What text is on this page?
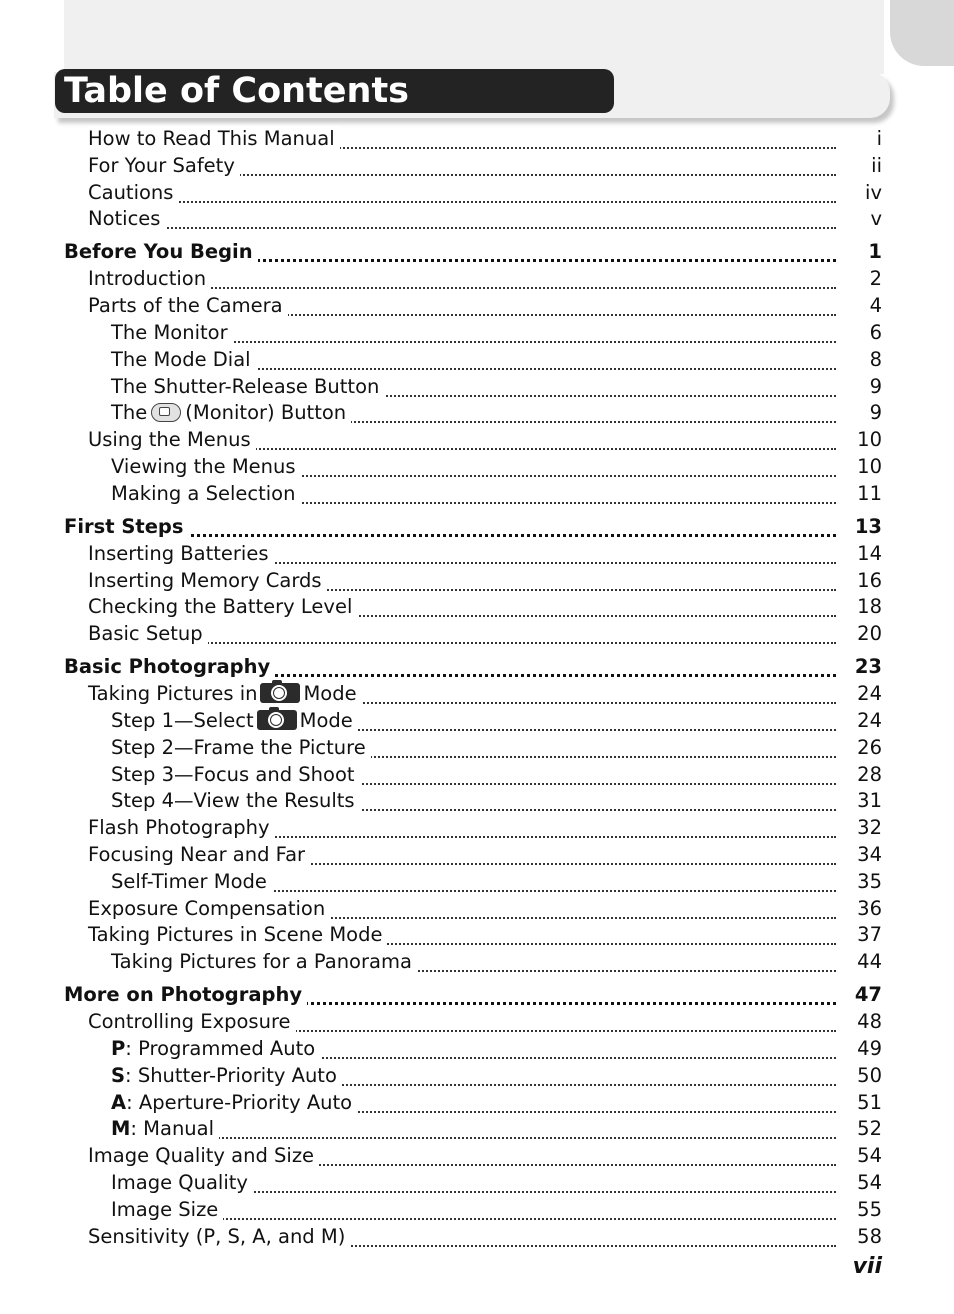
Table of Contents
How to Read This Manual	i
For Your Safety	ii
Cautions	iv
Notices	v
Before You Begin	1
Introduction	2
Parts of the Camera	4
The Monitor	6
The Mode Dial	8
The Shutter-Release Button	9
The (Monitor) Button	9
Using the Menus	10
Viewing the Menus	10
Making a Selection	11
First Steps	13
Inserting Batteries	14
Inserting Memory Cards	16
Checking the Battery Level	18
Basic Setup	20
Basic Photography	23
Taking Pictures in Mode	24
Step 1—Select Mode	24
Step 2—Frame the Picture	26
Step 3—Focus and Shoot	28
Step 4—View the Results	31
Flash Photography	32
Focusing Near and Far	34
Self-Timer Mode	35
Exposure Compensation	36
Taking Pictures in Scene Mode	37
Taking Pictures for a Panorama	44
More on Photography	47
Controlling Exposure	48
P: Programmed Auto	49
S: Shutter-Priority Auto	50
A: Aperture-Priority Auto	51
M: Manual	52
Image Quality and Size	54
Image Quality	54
Image Size	55
Sensitivity (P, S, A, and M)	58
vii
